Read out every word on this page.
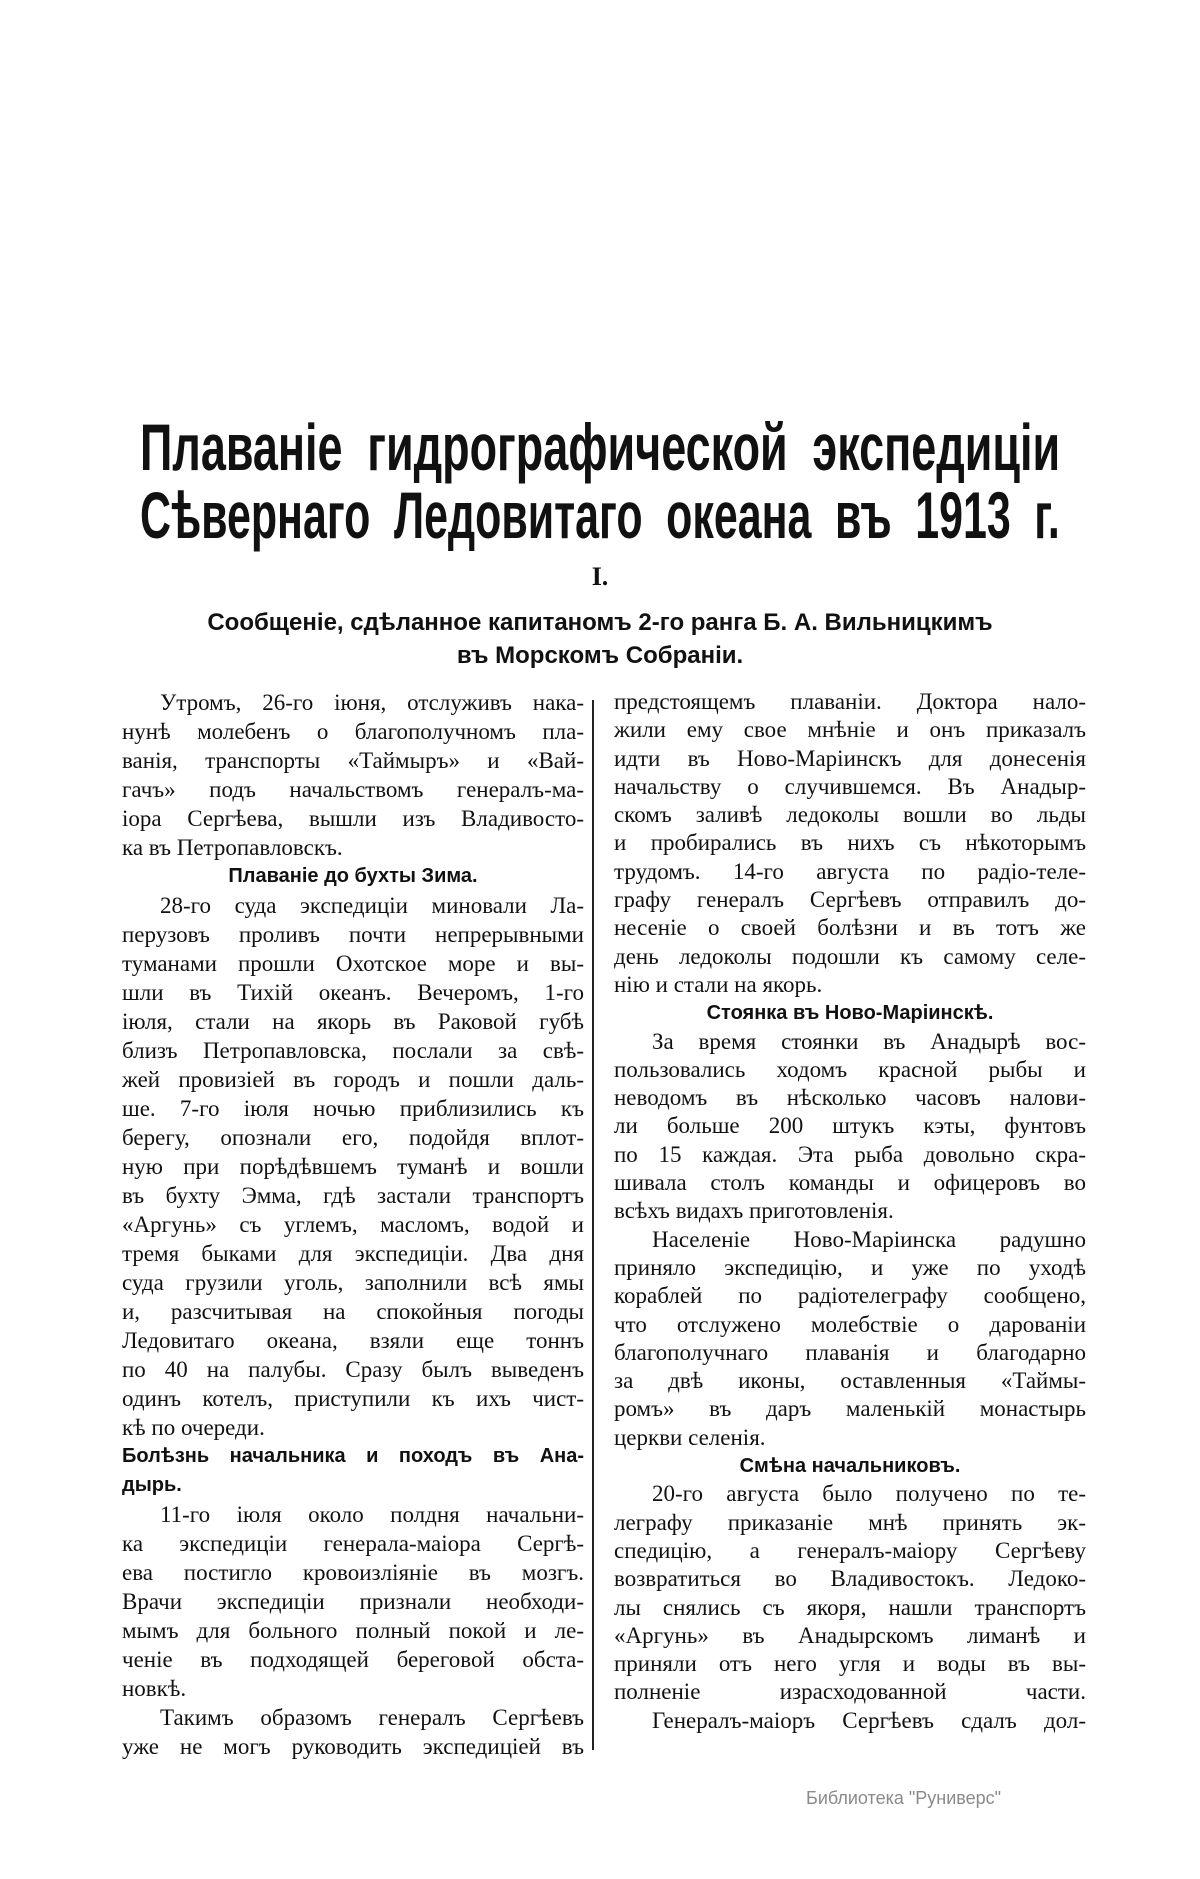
Плаваніе гидрографической экспедиціи
Сѣвернаго Ледовитаго океана въ 1913 г.
I.
Сообщеніе, сдѣланное капитаномъ 2-го ранга Б. А. Вильницкимъ
въ Морскомъ Собраніи.
Утромъ, 26-го іюня, отслуживъ нака-
нунѣ молебенъ о благополучномъ пла-
ванія, транспорты «Таймыръ» и «Вай-
гачъ» подъ начальствомъ генералъ-ма-
іора Сергѣева, вышли изъ Владивосто-
ка въ Петропавловскъ.
Плаваніе до бухты Зима.
28-го суда экспедиціи миновали Ла-
перузовъ проливъ почти непрерывными
туманами прошли Охотское море и вы-
шли въ Тихій океанъ. Вечеромъ, 1-го
іюля, стали на якорь въ Раковой губѣ
близъ Петропавловска, послали за свѣ-
жей провизіей въ городъ и пошли даль-
ше. 7-го іюля ночью приблизились къ
берегу, опознали его, подойдя вплот-
ную при порѣдѣвшемъ туманѣ и вошли
въ бухту Эмма, гдѣ застали транспортъ
«Аргунь» съ углемъ, масломъ, водой и
тремя быками для экспедиціи. Два дня
суда грузили уголь, заполнили всѣ ямы
и, разсчитывая на спокойныя погоды
Ледовитаго океана, взяли еще тоннъ
по 40 на палубы. Сразу былъ выведенъ
одинъ котелъ, приступили къ ихъ чист-
кѣ по очереди.
Болѣзнь начальника и походъ въ Ана-
дырь.
11-го іюля около полдня начальни-
ка экспедиціи генерала-маіора Сергѣ-
ева постигло кровоизліяніе въ мозгъ.
Врачи экспедиціи признали необходи-
мымъ для больного полный покой и ле-
ченіе въ подходящей береговой обста-
новкѣ.
Такимъ образомъ генералъ Сергѣевъ
уже не могъ руководить экспедиціей въ
предстоящемъ плаваніи. Доктора нало-
жили ему свое мнѣніе и онъ приказалъ
идти въ Ново-Маріинскъ для донесенія
начальству о случившемся. Въ Анадыр-
скомъ заливѣ ледоколы вошли во льды
и пробирались въ нихъ съ нѣкоторымъ
трудомъ. 14-го августа по радіо-теле-
графу генералъ Сергѣевъ отправилъ до-
несеніе о своей болѣзни и въ тотъ же
день ледоколы подошли къ самому селе-
нію и стали на якорь.
Стоянка въ Ново-Маріинскѣ.
За время стоянки въ Анадырѣ вос-
пользовались ходомъ красной рыбы и
неводомъ въ нѣсколько часовъ налови-
ли больше 200 штукъ кэты, фунтовъ
по 15 каждая. Эта рыба довольно скра-
шивала столъ команды и офицеровъ во
всѣхъ видахъ приготовленія.
Населеніе Ново-Маріинска радушно
приняло экспедицію, и уже по уходѣ
кораблей по радіотелеграфу сообщено,
что отслужено молебствіе о дарованіи
благополучнаго плаванія и благодарно
за двѣ иконы, оставленныя «Таймы-
ромъ» въ даръ маленькій монастырь
церкви селенія.
Смѣна начальниковъ.
20-го августа было получено по те-
леграфу приказаніе мнѣ принять эк-
спедицію, а генералъ-маіору Сергѣеву
возвратиться во Владивостокъ. Ледоко-
лы снялись съ якоря, нашли транспортъ
«Аргунь» въ Анадырскомъ лиманѣ и
приняли отъ него угля и воды въ вы-
полненіе израсходованной части.
Генералъ-маіоръ Сергѣевъ сдалъ дол-
Библиотека "Руниверс"
